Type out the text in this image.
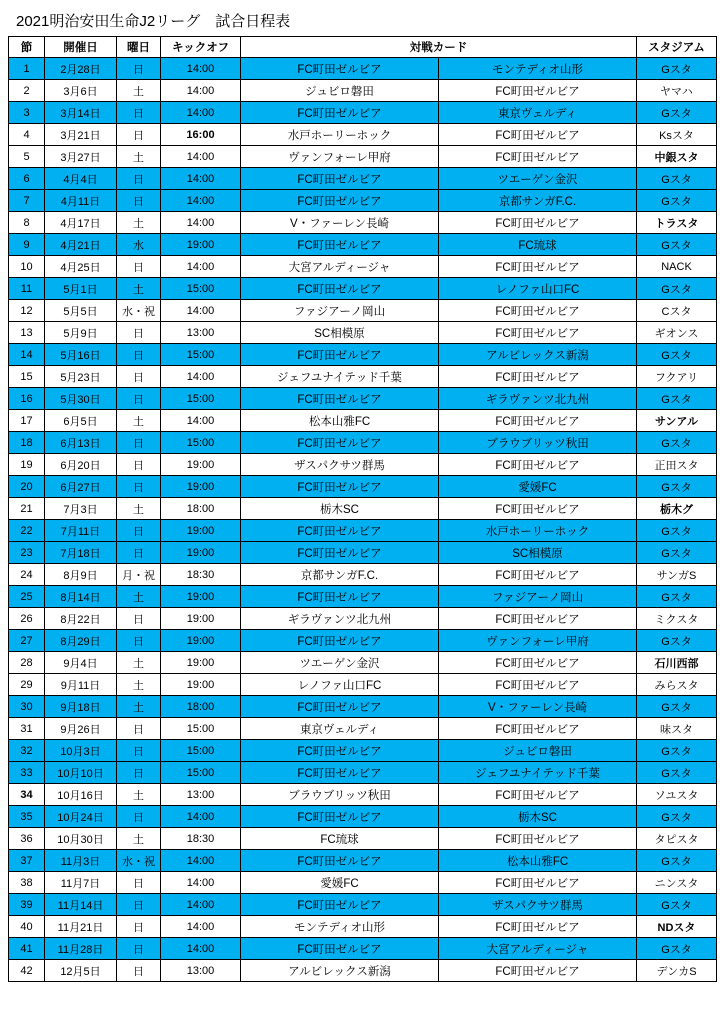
2021明治安田生命J2リーグ　試合日程表
節	開催日	曜日	キックオフ	対戦カード		スタジアム
1	2月28日	日	14:00	FC町田ゼルビア	モンテディオ山形	Gスタ
2	3月6日	土	14:00	ジュビロ磐田	FC町田ゼルビア	ヤマハ
3	3月14日	日	14:00	FC町田ゼルビア	東京ヴェルディ	Gスタ
4	3月21日	日	16:00	水戸ホーリーホック	FC町田ゼルビア	Ksスタ
5	3月27日	土	14:00	ヴァンフォーレ甲府	FC町田ゼルビア	中銀スタ
6	4月4日	日	14:00	FC町田ゼルビア	ツエーゲン金沢	Gスタ
7	4月11日	日	14:00	FC町田ゼルビア	京都サンガF.C.	Gスタ
8	4月17日	土	14:00	V・ファーレン長崎	FC町田ゼルビア	トラスタ
9	4月21日	水	19:00	FC町田ゼルビア	FC琉球	Gスタ
10	4月25日	日	14:00	大宮アルディージャ	FC町田ゼルビア	NACK
11	5月1日	土	15:00	FC町田ゼルビア	レノファ山口FC	Gスタ
12	5月5日	水・祝	14:00	ファジアーノ岡山	FC町田ゼルビア	Cスタ
13	5月9日	日	13:00	SC相模原	FC町田ゼルビア	ギオンス
14	5月16日	日	15:00	FC町田ゼルビア	アルビレックス新潟	Gスタ
15	5月23日	日	14:00	ジェフユナイテッド千葉	FC町田ゼルビア	フクアリ
16	5月30日	日	15:00	FC町田ゼルビア	ギラヴァンツ北九州	Gスタ
17	6月5日	土	14:00	松本山雅FC	FC町田ゼルビア	サンアル
18	6月13日	日	15:00	FC町田ゼルビア	ブラウブリッツ秋田	Gスタ
19	6月20日	日	19:00	ザスパクサツ群馬	FC町田ゼルビア	正田スタ
20	6月27日	日	19:00	FC町田ゼルビア	愛媛FC	Gスタ
21	7月3日	土	18:00	栃木SC	FC町田ゼルビア	栃木グ
22	7月11日	日	19:00	FC町田ゼルビア	水戸ホーリーホック	Gスタ
23	7月18日	日	19:00	FC町田ゼルビア	SC相模原	Gスタ
24	8月9日	月・祝	18:30	京都サンガF.C.	FC町田ゼルビア	サンガS
25	8月14日	土	19:00	FC町田ゼルビア	ファジアーノ岡山	Gスタ
26	8月22日	日	19:00	ギラヴァンツ北九州	FC町田ゼルビア	ミクスタ
27	8月29日	日	19:00	FC町田ゼルビア	ヴァンフォーレ甲府	Gスタ
28	9月4日	土	19:00	ツエーゲン金沢	FC町田ゼルビア	石川西部
29	9月11日	土	19:00	レノファ山口FC	FC町田ゼルビア	みらスタ
30	9月18日	土	18:00	FC町田ゼルビア	V・ファーレン長崎	Gスタ
31	9月26日	日	15:00	東京ヴェルディ	FC町田ゼルビア	味スタ
32	10月3日	日	15:00	FC町田ゼルビア	ジュビロ磐田	Gスタ
33	10月10日	日	15:00	FC町田ゼルビア	ジェフユナイテッド千葉	Gスタ
34	10月16日	土	13:00	ブラウブリッツ秋田	FC町田ゼルビア	ソユスタ
35	10月24日	日	14:00	FC町田ゼルビア	栃木SC	Gスタ
36	10月30日	土	18:30	FC琉球	FC町田ゼルビア	タピスタ
37	11月3日	水・祝	14:00	FC町田ゼルビア	松本山雅FC	Gスタ
38	11月7日	日	14:00	愛媛FC	FC町田ゼルビア	ニンスタ
39	11月14日	日	14:00	FC町田ゼルビア	ザスパクサツ群馬	Gスタ
40	11月21日	日	14:00	モンテディオ山形	FC町田ゼルビア	NDスタ
41	11月28日	日	14:00	FC町田ゼルビア	大宮アルディージャ	Gスタ
42	12月5日	日	13:00	アルビレックス新潟	FC町田ゼルビア	デンカS
